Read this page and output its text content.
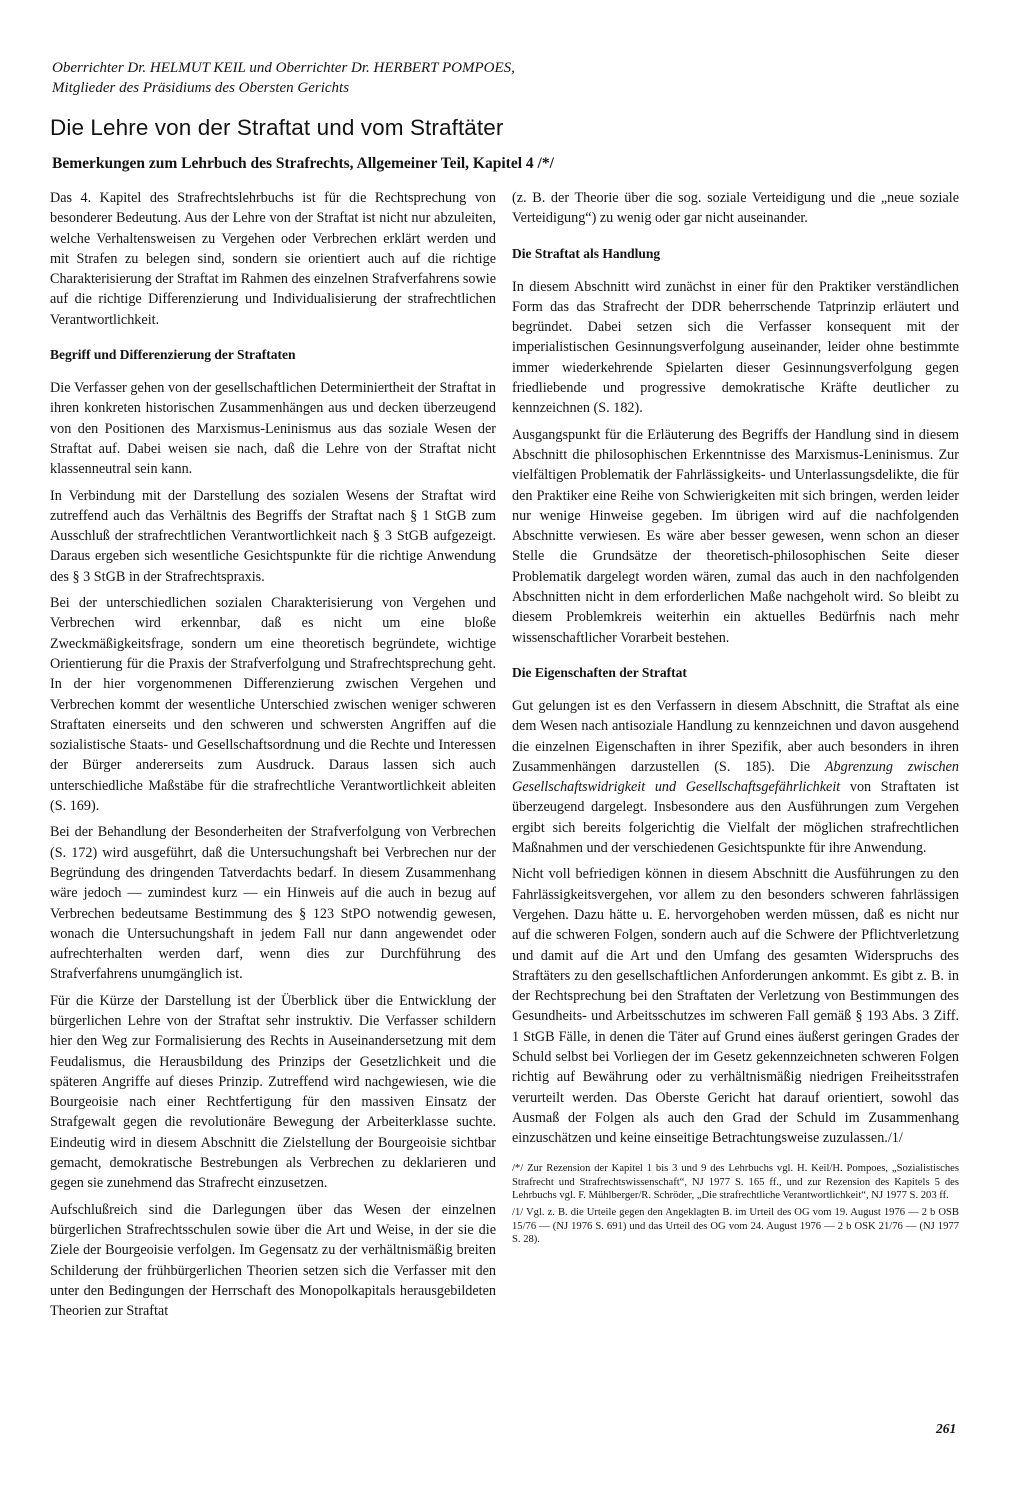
Oberrichter Dr. HELMUT KEIL und Oberrichter Dr. HERBERT POMPOES,
Mitglieder des Präsidiums des Obersten Gerichts
Die Lehre von der Straftat und vom Straftäter
Bemerkungen zum Lehrbuch des Strafrechts, Allgemeiner Teil, Kapitel 4 /*/

Das 4. Kapitel des Strafrechtslehrbuchs ist für die Rechtsprechung von besonderer Bedeutung. Aus der Lehre von der Straftat ist nicht nur abzuleiten, welche Verhaltensweisen zu Vergehen oder Verbrechen erklärt werden und mit Strafen zu belegen sind, sondern sie orientiert auch auf die richtige Charakterisierung der Straftat im Rahmen des einzelnen Strafverfahrens sowie auf die richtige Differenzierung und Individualisierung der strafrechtlichen Verantwortlichkeit.

Begriff und Differenzierung der Straftaten

Die Verfasser gehen von der gesellschaftlichen Determiniertheit der Straftat in ihren konkreten historischen Zusammenhängen aus und decken überzeugend von den Positionen des Marxismus-Leninismus aus das soziale Wesen der Straftat auf. Dabei weisen sie nach, daß die Lehre von der Straftat nicht klassenneutral sein kann.

In Verbindung mit der Darstellung des sozialen Wesens der Straftat wird zutreffend auch das Verhältnis des Begriffs der Straftat nach § 1 StGB zum Ausschluß der strafrechtlichen Verantwortlichkeit nach § 3 StGB aufgezeigt. Daraus ergeben sich wesentliche Gesichtspunkte für die richtige Anwendung des § 3 StGB in der Strafrechtspraxis.

Bei der unterschiedlichen sozialen Charakterisierung von Vergehen und Verbrechen wird erkennbar, daß es nicht um eine bloße Zweckmäßigkeitsfrage, sondern um eine theoretisch begründete, wichtige Orientierung für die Praxis der Strafverfolgung und Strafrechtsprechung geht. In der hier vorgenommenen Differenzierung zwischen Vergehen und Verbrechen kommt der wesentliche Unterschied zwischen weniger schweren Straftaten einerseits und den schweren und schwersten Angriffen auf die sozialistische Staats- und Gesellschaftsordnung und die Rechte und Interessen der Bürger andererseits zum Ausdruck. Daraus lassen sich auch unterschiedliche Maßstäbe für die strafrechtliche Verantwortlichkeit ableiten (S. 169).

Bei der Behandlung der Besonderheiten der Strafverfolgung von Verbrechen (S. 172) wird ausgeführt, daß die Untersuchungshaft bei Verbrechen nur der Begründung des dringenden Tatverdachts bedarf. In diesem Zusammenhang wäre jedoch — zumindest kurz — ein Hinweis auf die auch in bezug auf Verbrechen bedeutsame Bestimmung des § 123 StPO notwendig gewesen, wonach die Untersuchungshaft in jedem Fall nur dann angewendet oder aufrechterhalten werden darf, wenn dies zur Durchführung des Strafverfahrens unumgänglich ist.

Für die Kürze der Darstellung ist der Überblick über die Entwicklung der bürgerlichen Lehre von der Straftat sehr instruktiv. Die Verfasser schildern hier den Weg zur Formalisierung des Rechts in Auseinandersetzung mit dem Feudalismus, die Herausbildung des Prinzips der Gesetzlichkeit und die späteren Angriffe auf dieses Prinzip. Zutreffend wird nachgewiesen, wie die Bourgeoisie nach einer Rechtfertigung für den massiven Einsatz der Strafgewalt gegen die revolutionäre Bewegung der Arbeiterklasse suchte. Eindeutig wird in diesem Abschnitt die Zielstellung der Bourgeoisie sichtbar gemacht, demokratische Bestrebungen als Verbrechen zu deklarieren und gegen sie zunehmend das Strafrecht einzusetzen.

Aufschlußreich sind die Darlegungen über das Wesen der einzelnen bürgerlichen Strafrechtsschulen sowie über die Art und Weise, in der sie die Ziele der Bourgeoisie verfolgen. Im Gegensatz zu der verhältnismäßig breiten Schilderung der frühbürgerlichen Theorien setzen sich die Verfasser mit den unter den Bedingungen der Herrschaft des Monopolkapitals herausgebildeten Theorien zur Straftat

(z. B. der Theorie über die sog. soziale Verteidigung und die „neue soziale Verteidigung“) zu wenig oder gar nicht auseinander.

Die Straftat als Handlung

In diesem Abschnitt wird zunächst in einer für den Praktiker verständlichen Form das das Strafrecht der DDR beherrschende Tatprinzip erläutert und begründet. Dabei setzen sich die Verfasser konsequent mit der imperialistischen Gesinnungsverfolgung auseinander, leider ohne bestimmte immer wiederkehrende Spielarten dieser Gesinnungsverfolgung gegen friedliebende und progressive demokratische Kräfte deutlicher zu kennzeichnen (S. 182).

Ausgangspunkt für die Erläuterung des Begriffs der Handlung sind in diesem Abschnitt die philosophischen Erkenntnisse des Marxismus-Leninismus. Zur vielfältigen Problematik der Fahrlässigkeits- und Unterlassungsdelikte, die für den Praktiker eine Reihe von Schwierigkeiten mit sich bringen, werden leider nur wenige Hinweise gegeben. Im übrigen wird auf die nachfolgenden Abschnitte verwiesen. Es wäre aber besser gewesen, wenn schon an dieser Stelle die Grundsätze der theoretisch-philosophischen Seite dieser Problematik dargelegt worden wären, zumal das auch in den nachfolgenden Abschnitten nicht in dem erforderlichen Maße nachgeholt wird. So bleibt zu diesem Problemkreis weiterhin ein aktuelles Bedürfnis nach mehr wissenschaftlicher Vorarbeit bestehen.

Die Eigenschaften der Straftat

Gut gelungen ist es den Verfassern in diesem Abschnitt, die Straftat als eine dem Wesen nach antisoziale Handlung zu kennzeichnen und davon ausgehend die einzelnen Eigenschaften in ihrer Spezifik, aber auch besonders in ihren Zusammenhängen darzustellen (S. 185). Die Abgrenzung zwischen Gesellschaftswidrigkeit und Gesellschaftsgefährlichkeit von Straftaten ist überzeugend dargelegt. Insbesondere aus den Ausführungen zum Vergehen ergibt sich bereits folgerichtig die Vielfalt der möglichen strafrechtlichen Maßnahmen und der verschiedenen Gesichtspunkte für ihre Anwendung.

Nicht voll befriedigen können in diesem Abschnitt die Ausführungen zu den Fahrlässigkeitsvergehen, vor allem zu den besonders schweren fahrlässigen Vergehen. Dazu hätte u. E. hervorgehoben werden müssen, daß es nicht nur auf die schweren Folgen, sondern auch auf die Schwere der Pflichtverletzung und damit auf die Art und den Umfang des gesamten Widerspruchs des Straftäters zu den gesellschaftlichen Anforderungen ankommt. Es gibt z. B. in der Rechtsprechung bei den Straftaten der Verletzung von Bestimmungen des Gesundheits- und Arbeitsschutzes im schweren Fall gemäß § 193 Abs. 3 Ziff. 1 StGB Fälle, in denen die Täter auf Grund eines äußerst geringen Grades der Schuld selbst bei Vorliegen der im Gesetz gekennzeichneten schweren Folgen richtig auf Bewährung oder zu verhältnismäßig niedrigen Freiheitsstrafen verurteilt werden. Das Oberste Gericht hat darauf orientiert, sowohl das Ausmaß der Folgen als auch den Grad der Schuld im Zusammenhang einzuschätzen und keine einseitige Betrachtungsweise zuzulassen./1/

/*/ Zur Rezension der Kapitel 1 bis 3 und 9 des Lehrbuchs vgl. H. Keil/H. Pompoes, „Sozialistisches Strafrecht und Strafrechtswissenschaft“, NJ 1977 S. 165 ff., und zur Rezension des Kapitels 5 des Lehrbuchs vgl. F. Mühlberger/R. Schröder, „Die strafrechtliche Verantwortlichkeit“, NJ 1977 S. 203 ff.

/1/ Vgl. z. B. die Urteile gegen den Angeklagten B. im Urteil des OG vom 19. August 1976 — 2 b OSB 15/76 — (NJ 1976 S. 691) und das Urteil des OG vom 24. August 1976 — 2 b OSK 21/76 — (NJ 1977 S. 28).

261
